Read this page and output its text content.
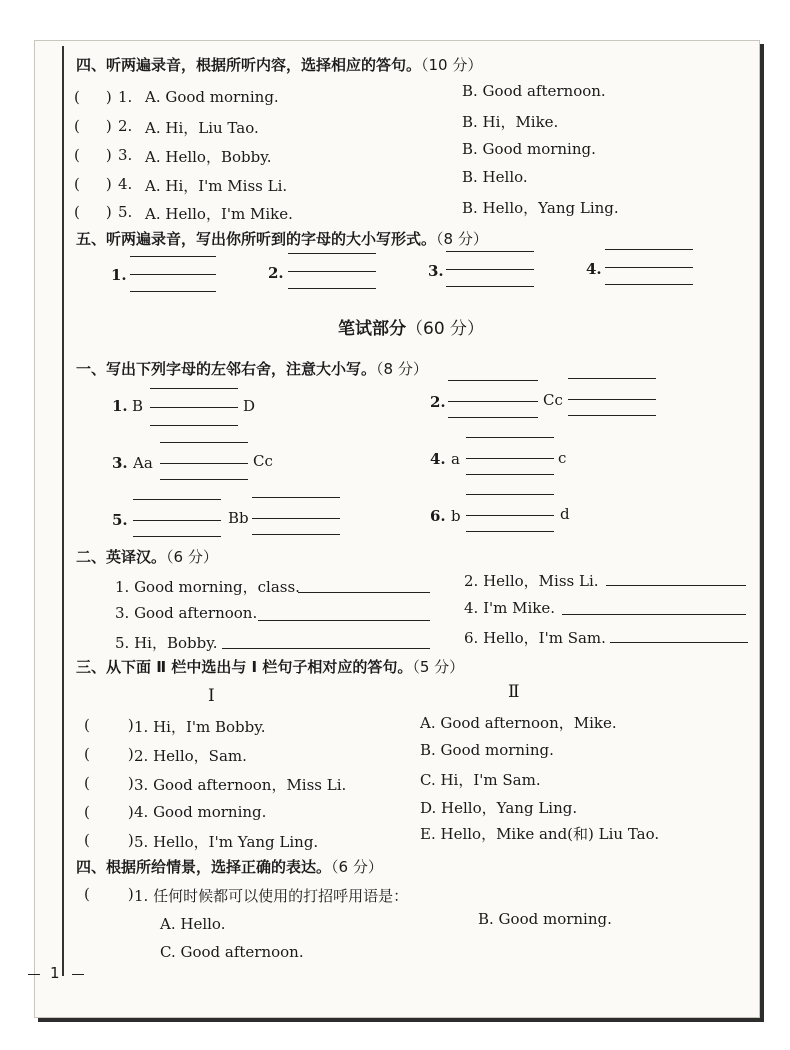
四、听两遍录音，根据所听内容，选择相应的答句。（10 分）
( ) 1. A. Good morning.	B. Good afternoon.
( ) 2. A. Hi，Liu Tao.	B. Hi，Mike.
( ) 3. A. Hello，Bobby.	B. Good morning.
( ) 4. A. Hi，I'm Miss Li.	B. Hello.
( ) 5. A. Hello，I'm Mike.	B. Hello，Yang Ling.
五、听两遍录音，写出你所听到的字母的大小写形式。（8 分）
1.	2.	3.	4.
笔试部分（60 分）
一、写出下列字母的左邻右舍，注意大小写。（8 分）
1. B	D	2.	Cc
3. Aa	Cc	4. a	c
5.	Bb	6. b	d
二、英译汉。（6 分）
1. Good morning，class.	2. Hello，Miss Li.
3. Good afternoon.	4. I'm Mike.
5. Hi，Bobby.	6. Hello，I'm Sam.
三、从下面 Ⅱ 栏中选出与 Ⅰ 栏句子相对应的答句。（5 分）
Ⅰ	Ⅱ
(	) 1. Hi，I'm Bobby.	A. Good afternoon，Mike.
(	) 2. Hello，Sam.	B. Good morning.
(	) 3. Good afternoon，Miss Li.	C. Hi，I'm Sam.
(	) 4. Good morning.	D. Hello，Yang Ling.
(	) 5. Hello，I'm Yang Ling.	E. Hello，Mike and(和) Liu Tao.
四、根据所给情景，选择正确的表达。（6 分）
(	) 1. 任何时候都可以使用的打招呼用语是：
A. Hello.	B. Good morning.
C. Good afternoon.
1
